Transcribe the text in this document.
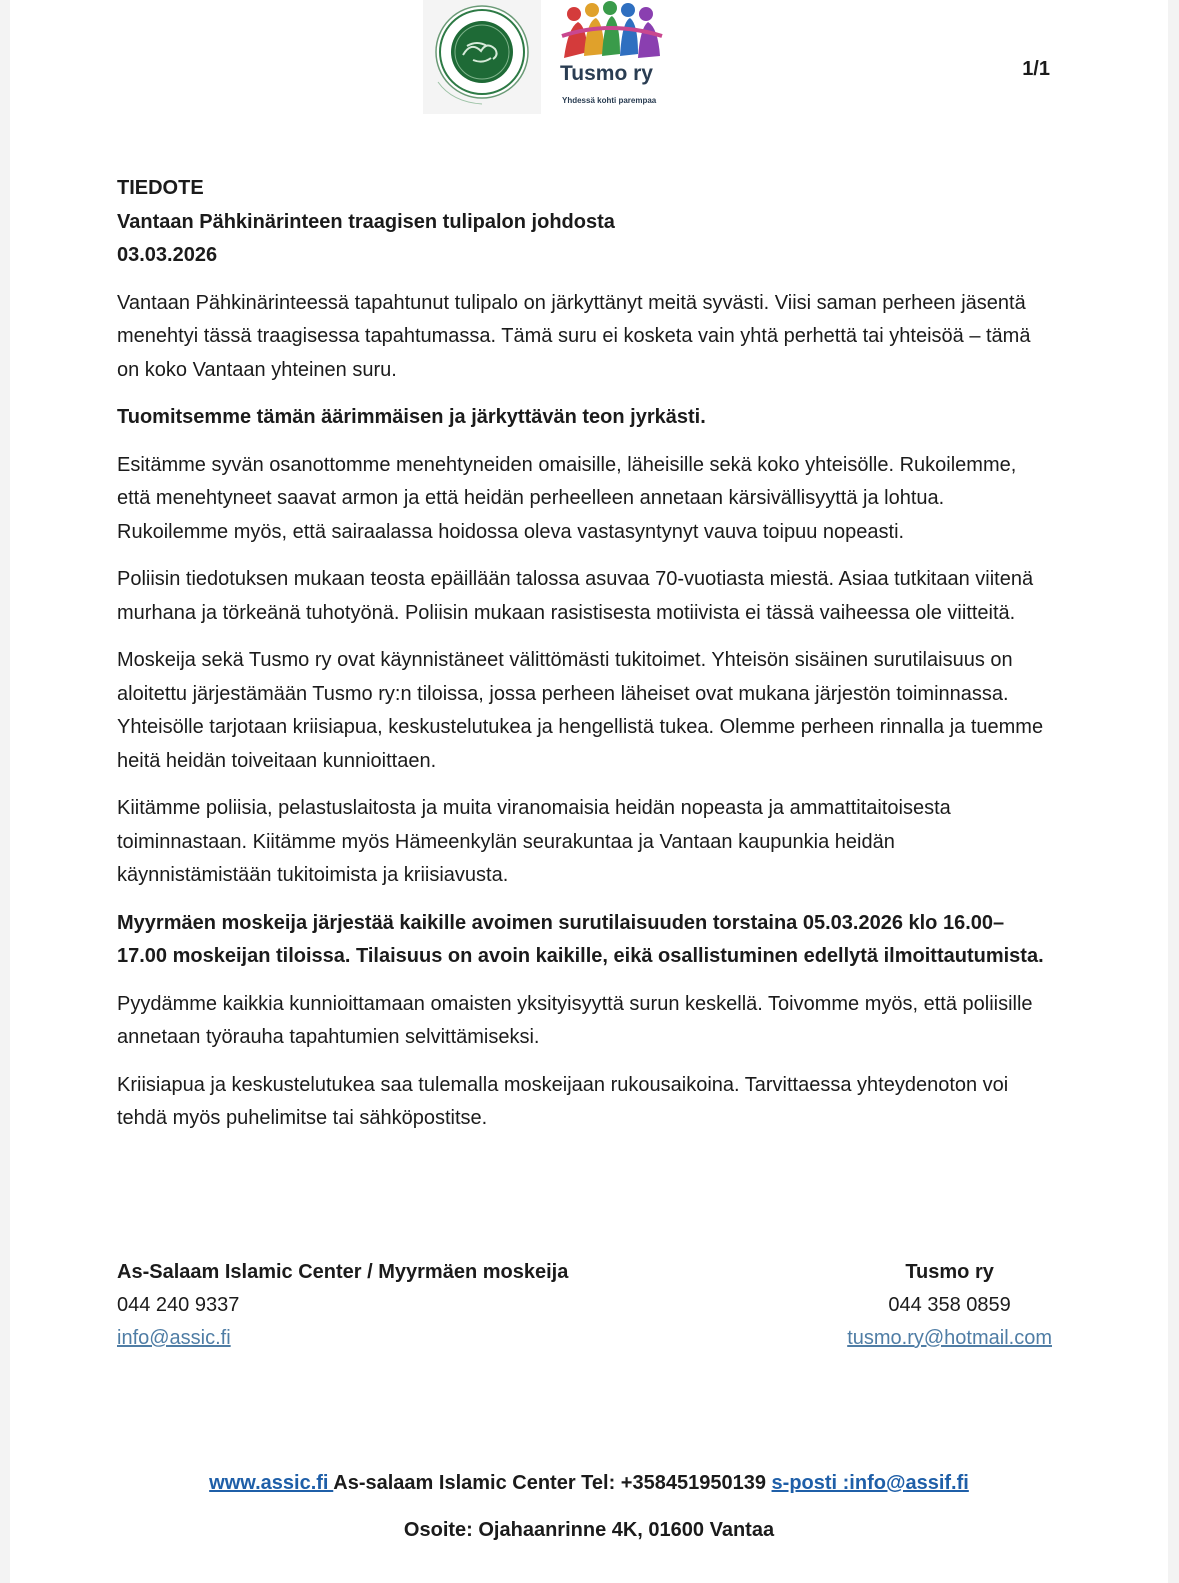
Tusmo ry
Yhdessä kohti parempaa
1/1
TIEDOTE
Vantaan Pähkinärinteen traagisen tulipalon johdosta
03.03.2026

Vantaan Pähkinärinteessä tapahtunut tulipalo on järkyttänyt meitä syvästi. Viisi saman perheen jäsentä menehtyi tässä traagisessa tapahtumassa. Tämä suru ei kosketa vain yhtä perhettä tai yhteisöä – tämä on koko Vantaan yhteinen suru.

Tuomitsemme tämän äärimmäisen ja järkyttävän teon jyrkästi.

Esitämme syvän osanottomme menehtyneiden omaisille, läheisille sekä koko yhteisölle. Rukoilemme, että menehtyneet saavat armon ja että heidän perheelleen annetaan kärsivällisyyttä ja lohtua. Rukoilemme myös, että sairaalassa hoidossa oleva vastasyntynyt vauva toipuu nopeasti.

Poliisin tiedotuksen mukaan teosta epäillään talossa asuvaa 70-vuotiasta miestä. Asiaa tutkitaan viitenä murhana ja törkeänä tuhotyönä. Poliisin mukaan rasistisesta motiivista ei tässä vaiheessa ole viitteitä.

Moskeija sekä Tusmo ry ovat käynnistäneet välittömästi tukitoimet. Yhteisön sisäinen surutilaisuus on aloitettu järjestämään Tusmo ry:n tiloissa, jossa perheen läheiset ovat mukana järjestön toiminnassa. Yhteisölle tarjotaan kriisiapua, keskustelutukea ja hengellistä tukea. Olemme perheen rinnalla ja tuemme heitä heidän toiveitaan kunnioittaen.

Kiitämme poliisia, pelastuslaitosta ja muita viranomaisia heidän nopeasta ja ammattitaitoisesta toiminnastaan. Kiitämme myös Hämeenkylän seurakuntaa ja Vantaan kaupunkia heidän käynnistämistään tukitoimista ja kriisiavusta.

Myyrmäen moskeija järjestää kaikille avoimen surutilaisuuden torstaina 05.03.2026 klo 16.00–17.00 moskeijan tiloissa. Tilaisuus on avoin kaikille, eikä osallistuminen edellytä ilmoittautumista.

Pyydämme kaikkia kunnioittamaan omaisten yksityisyyttä surun keskellä. Toivomme myös, että poliisille annetaan työrauha tapahtumien selvittämiseksi.

Kriisiapua ja keskustelutukea saa tulemalla moskeijaan rukousaikoina. Tarvittaessa yhteydenoton voi tehdä myös puhelimitse tai sähköpostitse.

As-Salaam Islamic Center / Myyrmäen moskeija
044 240 9337
info@assic.fi
Tusmo ry
044 358 0859
tusmo.ry@hotmail.com
www.assic.fi As-salaam Islamic Center Tel: +358451950139 s-posti :info@assif.fi
Osoite: Ojahaanrinne 4K, 01600 Vantaa
